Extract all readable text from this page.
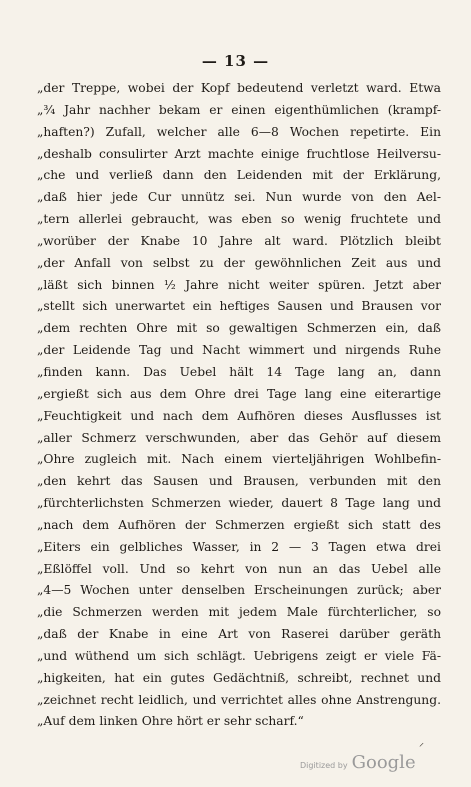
— 13 —
„der Treppe, wobei der Kopf bedeutend verletzt ward. Etwa
„¾ Jahr nachher bekam er einen eigenthümlichen (krampf-
„haften?) Zufall, welcher alle 6—8 Wochen repetirte. Ein
„deshalb consulirter Arzt machte einige fruchtlose Heilversu-
„che und verließ dann den Leidenden mit der Erklärung,
„daß hier jede Cur unnütz sei. Nun wurde von den Ael-
„tern allerlei gebraucht, was eben so wenig fruchtete und
„worüber der Knabe 10 Jahre alt ward. Plötzlich bleibt
„der Anfall von selbst zu der gewöhnlichen Zeit aus und
„läßt sich binnen ½ Jahre nicht weiter spüren. Jetzt aber
„stellt sich unerwartet ein heftiges Sausen und Brausen vor
„dem rechten Ohre mit so gewaltigen Schmerzen ein, daß
„der Leidende Tag und Nacht wimmert und nirgends Ruhe
„finden kann. Das Uebel hält 14 Tage lang an, dann
„ergießt sich aus dem Ohre drei Tage lang eine eiterartige
„Feuchtigkeit und nach dem Aufhören dieses Ausflusses ist
„aller Schmerz verschwunden, aber das Gehör auf diesem
„Ohre zugleich mit. Nach einem vierteljährigen Wohlbefin-
„den kehrt das Sausen und Brausen, verbunden mit den
„fürchterlichsten Schmerzen wieder, dauert 8 Tage lang und
„nach dem Aufhören der Schmerzen ergießt sich statt des
„Eiters ein gelbliches Wasser, in 2 — 3 Tagen etwa drei
„Eßlöffel voll. Und so kehrt von nun an das Uebel alle
„4—5 Wochen unter denselben Erscheinungen zurück; aber
„die Schmerzen werden mit jedem Male fürchterlicher, so
„daß der Knabe in eine Art von Raserei darüber geräth
„und wüthend um sich schlägt. Uebrigens zeigt er viele Fä-
„higkeiten, hat ein gutes Gedächtniß, schreibt, rechnet und
„zeichnet recht leidlich, und verrichtet alles ohne Anstrengung.
„Auf dem linken Ohre hört er sehr scharf.“
⸍
Digitized by Google
